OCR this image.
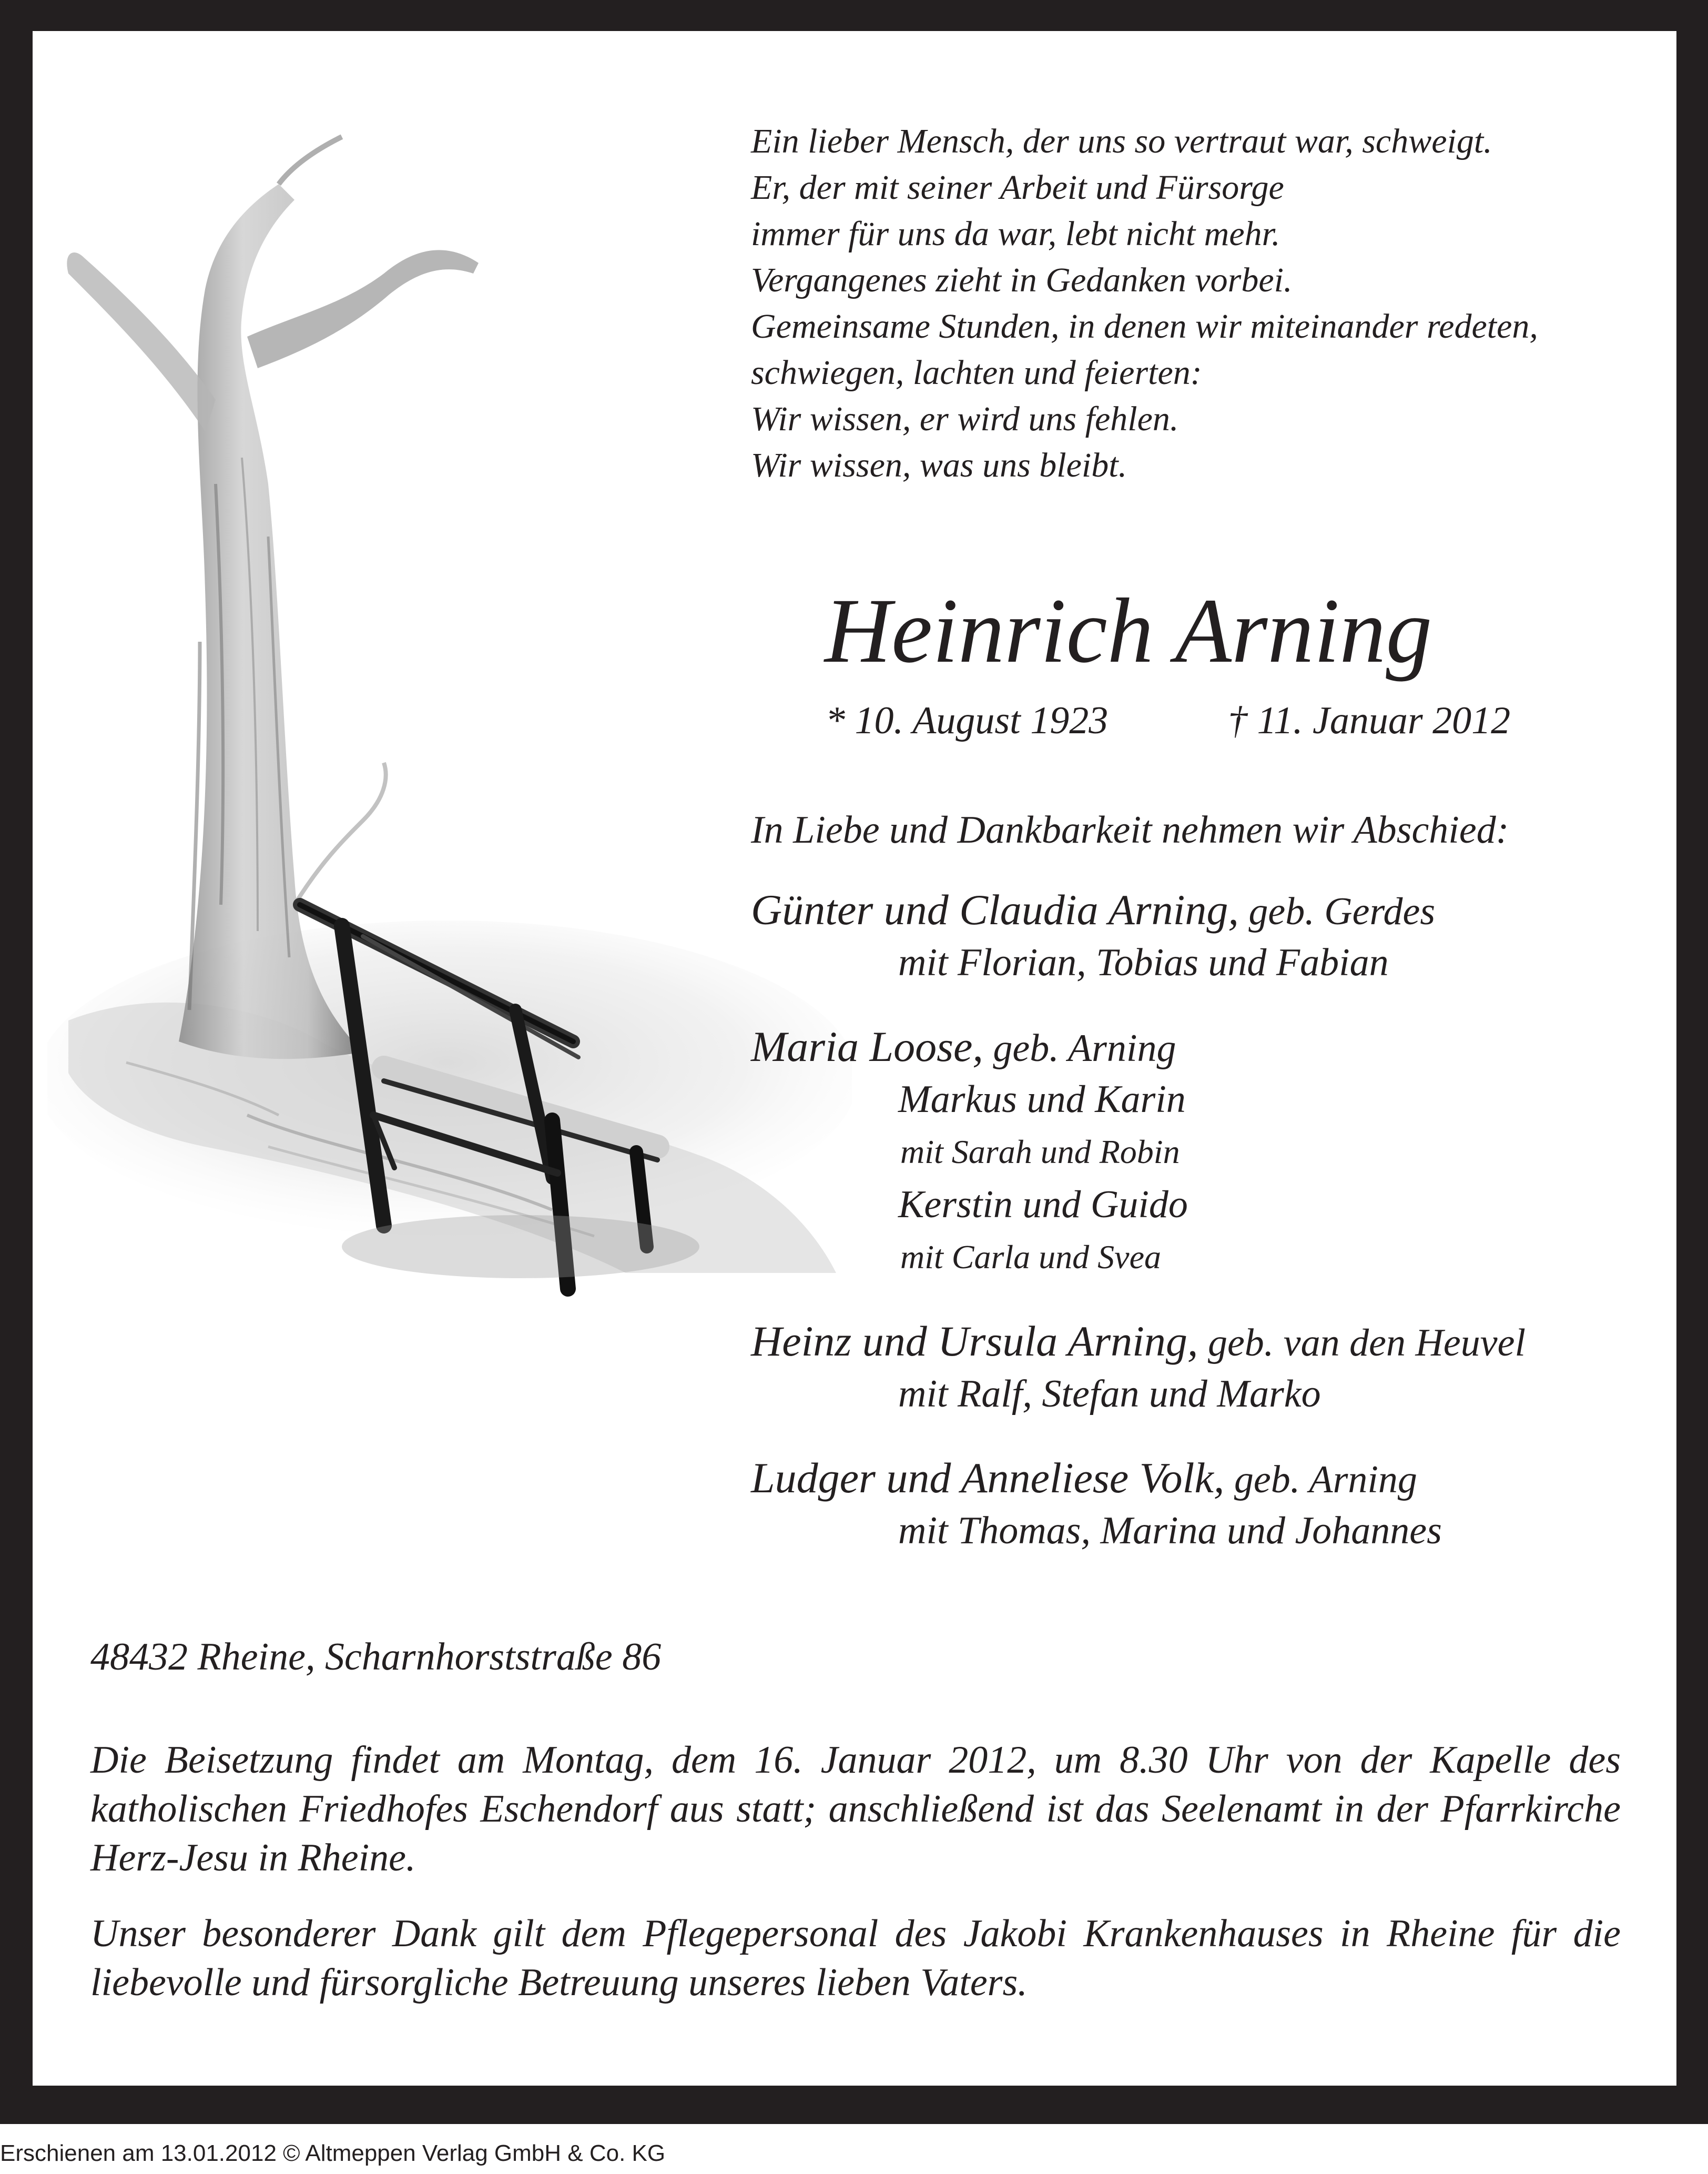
Ein lieber Mensch, der uns so vertraut war, schweigt.
Er, der mit seiner Arbeit und Fürsorge
immer für uns da war, lebt nicht mehr.
Vergangenes zieht in Gedanken vorbei.
Gemeinsame Stunden, in denen wir miteinander redeten,
schwiegen, lachten und feierten:
Wir wissen, er wird uns fehlen.
Wir wissen, was uns bleibt.
Heinrich Arning
* 10. August 1923	† 11. Januar 2012
In Liebe und Dankbarkeit nehmen wir Abschied:
Günter und Claudia Arning, geb. Gerdes
mit Florian, Tobias und Fabian
Maria Loose, geb. Arning
Markus und Karin
mit Sarah und Robin
Kerstin und Guido
mit Carla und Svea
Heinz und Ursula Arning, geb. van den Heuvel
mit Ralf, Stefan und Marko
Ludger und Anneliese Volk, geb. Arning
mit Thomas, Marina und Johannes
48432 Rheine, Scharnhorststraße 86

Die Beisetzung findet am Montag, dem 16. Januar 2012, um 8.30 Uhr von der Kapelle des katholischen Friedhofes Eschendorf aus statt; anschließend ist das Seelenamt in der Pfarrkirche Herz-Jesu in Rheine.

Unser besonderer Dank gilt dem Pflegepersonal des Jakobi Krankenhauses in Rheine für die liebevolle und fürsorgliche Betreuung unseres lieben Vaters.

Erschienen am 13.01.2012 © Altmeppen Verlag GmbH & Co. KG
